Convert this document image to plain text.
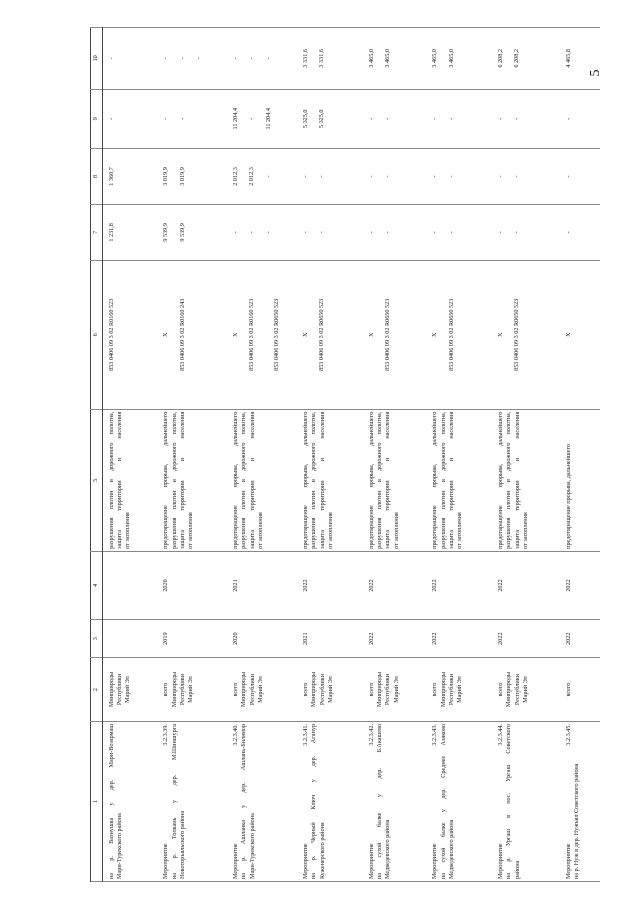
5
1	2	3	4	5	6	7	8	9	10

на р. Вазнушка у дер. Мари-Возармаш Мари-Турекского района	Минприроды Республики Марий Эл			разрушения плотин и дорожного полотна, защита территории и населения от затопления	853 0406 09 3 02 R0160 523	1 231,8	1 360,7	-	-

Мероприятие 3.2.3.39. на р. Топкань у дер. М.Шиншурга Новоторъяльского района	всего Минприроды Республики Марий Эл	2019	2020	предотвращение прорыва, дальнейшего разрушения плотин и дорожного полотна, защита территории и населения от затопления	X 853 0406 09 3 02 R0160 243	9 539,9 9 539,9	3 019,9 3 019,9	- -	- - -

Мероприятие 3.2.3.40. на р. Ашланка у дер. Ашлань-Билямор Мари-Турекского района	всего Минприроды Республики Марий Эл	2020	2021	предотвращение прорыва, дальнейшего разрушения плотин и дорожного полотна, защита территории и населения от затопления	X 853 0406 09 3 02 R0160 523 853 0406 09 3 02 R0650 523	- - -	2 012,3 2 012,3 -	11 204,4 - 11 204,4	- - -

Мероприятие 3.2.3.41. на р. Черный Ключ у дер. Аганур Куженерского района	всего Минприроды Республики Марий Эл	2021	2022	предотвращение прорыва, дальнейшего разрушения плотин и дорожного полотна, защита территории и населения от затопления	X 853 0406 09 3 02 R0650 523	- -	- -	5 325,0 5 325,0	3 331,6 3 331,6

Мероприятие 3.2.3.42. на сухой балке у дер. Б.Акашево Медведевского района	всего Минприроды Республики Марий Эл	2022	2022	предотвращение прорыва, дальнейшего разрушения плотин и дорожного полотна, защита территории и населения от затопления	X 853 0406 09 3 02 R0650 523	- -	- -	- -	3 465,0 3 465,0

Мероприятие 3.2.3.43. на сухой балке у дер. Среднее Азяково Медведевского района	всего Минприроды Республики Марий Эл	2022	2022	предотвращение прорыва, дальнейшего разрушения плотин и дорожного полотна, защита территории и населения от затопления	X 853 0406 09 3 02 R0650 523	- -	- -	- -	3 465,0 3 465,0

Мероприятие 3.2.3.44. на р. Ургаш в пос. Ургаш Советского района	всего Минприроды Республики Марий Эл	2022	2022	предотвращение прорыва, дальнейшего разрушения плотин и дорожного полотна, защита территории и населения от затопления	X 853 0406 09 3 02 R0650 523	- -	- -	- -	6 208,2 6 208,2

Мероприятие 3.2.3.45. на р. Нуж в дер. Нужъял Советского района	всего	2022	2022	предотвращение прорыва, дальнейшего	X	-	-	-	4 465,8
